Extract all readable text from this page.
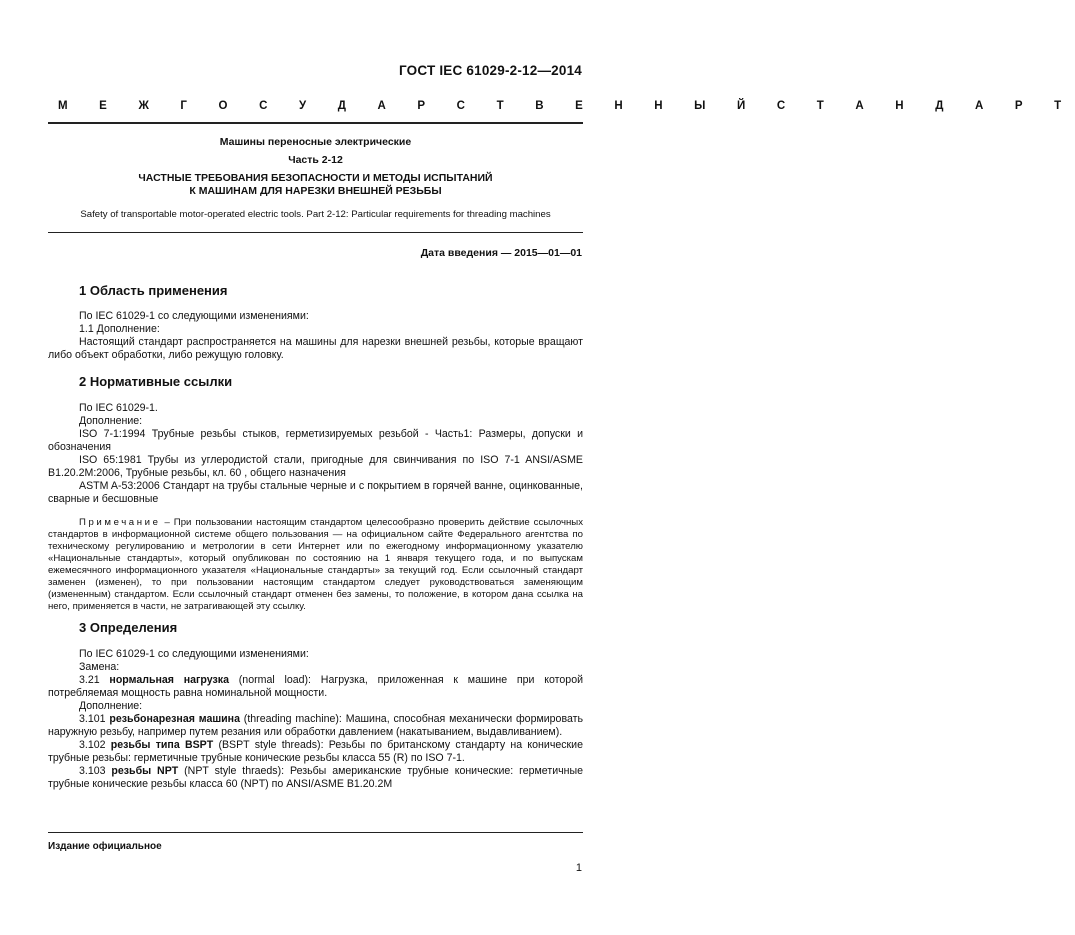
ГОСТ IEC 61029-2-12—2014
М Е Ж Г О С У Д А Р С Т В Е Н Н Ы Й С Т А Н Д А Р Т
Машины переносные электрические
Часть 2-12
ЧАСТНЫЕ ТРЕБОВАНИЯ БЕЗОПАСНОСТИ И МЕТОДЫ ИСПЫТАНИЙ
К МАШИНАМ ДЛЯ НАРЕЗКИ ВНЕШНЕЙ РЕЗЬБЫ
Safety of transportable motor-operated electric tools. Part 2-12: Particular requirements for threading machines
Дата введения — 2015—01—01
1 Область применения

По IEC 61029-1 со следующими изменениями:

1.1 Дополнение:

Настоящий стандарт распространяется на машины для нарезки внешней резьбы, которые вращают либо объект обработки, либо режущую головку.

2 Нормативные ссылки

По IEC 61029-1.

Дополнение:

ISO 7-1:1994 Трубные резьбы стыков, герметизируемых резьбой - Часть1: Размеры, допуски и обозначения

ISO 65:1981 Трубы из углеродистой стали, пригодные для свинчивания по ISO 7-1 ANSI/ASME B1.20.2M:2006, Трубные резьбы, кл. 60 , общего назначения

ASTM A-53:2006 Стандарт на трубы стальные черные и с покрытием в горячей ванне, оцинкованные, сварные и бесшовные

Примечание – При пользовании настоящим стандартом целесообразно проверить действие ссылочных стандартов в информационной системе общего пользования — на официальном сайте Федерального агентства по техническому регулированию и метрологии в сети Интернет или по ежегодному информационному указателю «Национальные стандарты», который опубликован по состоянию на 1 января текущего года, и по выпускам ежемесячного информационного указателя «Национальные стандарты» за текущий год. Если ссылочный стандарт заменен (изменен), то при пользовании настоящим стандартом следует руководствоваться заменяющим (измененным) стандартом. Если ссылочный стандарт отменен без замены, то положение, в котором дана ссылка на него, применяется в части, не затрагивающей эту ссылку.
3 Определения

По IEC 61029-1 со следующими изменениями:

Замена:

3.21 нормальная нагрузка (normal load): Нагрузка, приложенная к машине при которой потребляемая мощность равна номинальной мощности.

Дополнение:

3.101 резьбонарезная машина (threading machine): Машина, способная механически формировать наружную резьбу, например путем резания или обработки давлением (накатыванием, выдавливанием).

3.102 резьбы типа BSPT (BSPT style threads): Резьбы по британскому стандарту на конические трубные резьбы: герметичные трубные конические резьбы класса 55 (R) по ISO 7-1.

3.103 резьбы NPT (NPT style thraeds): Резьбы американские трубные конические: герметичные трубные конические резьбы класса 60 (NPT) по ANSI/ASME B1.20.2M

Издание официальное
1
